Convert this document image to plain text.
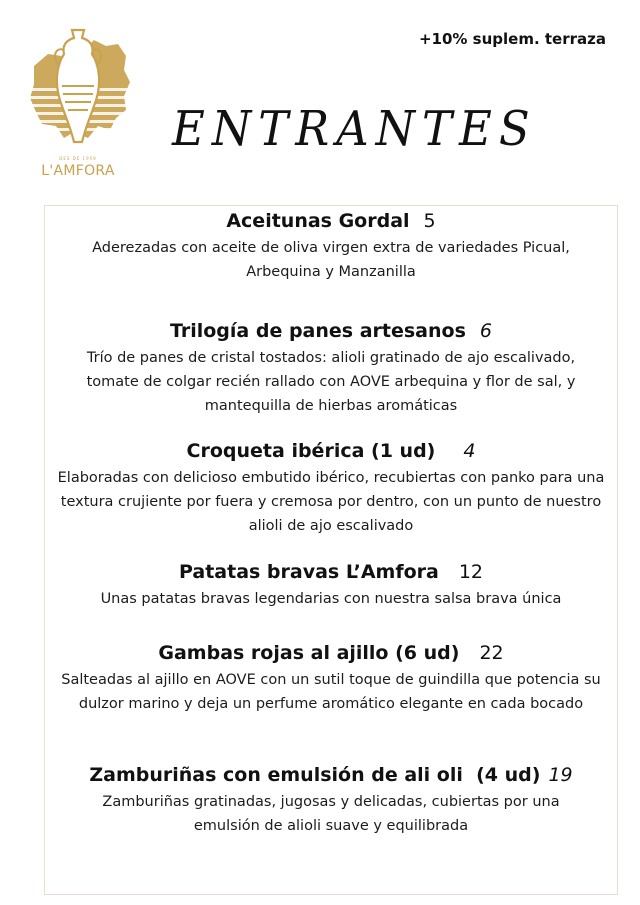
DES DE 1959
L'AMFORA
+10% suplem. terraza
ENTRANTES
Aceitunas Gordal 5
Aderezadas con aceite de oliva virgen extra de variedades Picual, Arbequina y Manzanilla
Trilogía de panes artesanos 6
Trío de panes de cristal tostados: alioli gratinado de ajo escalivado, tomate de colgar recién rallado con AOVE arbequina y flor de sal, y mantequilla de hierbas aromáticas
Croqueta ibérica (1 ud) 4
Elaboradas con delicioso embutido ibérico, recubiertas con panko para una textura crujiente por fuera y cremosa por dentro, con un punto de nuestro alioli de ajo escalivado
Patatas bravas L’Amfora 12
Unas patatas bravas legendarias con nuestra salsa brava única
Gambas rojas al ajillo (6 ud) 22
Salteadas al ajillo en AOVE con un sutil toque de guindilla que potencia su dulzor marino y deja un perfume aromático elegante en cada bocado
Zamburiñas con emulsión de ali oli  (4 ud) 19
Zamburiñas gratinadas, jugosas y delicadas, cubiertas por una emulsión de alioli suave y equilibrada
